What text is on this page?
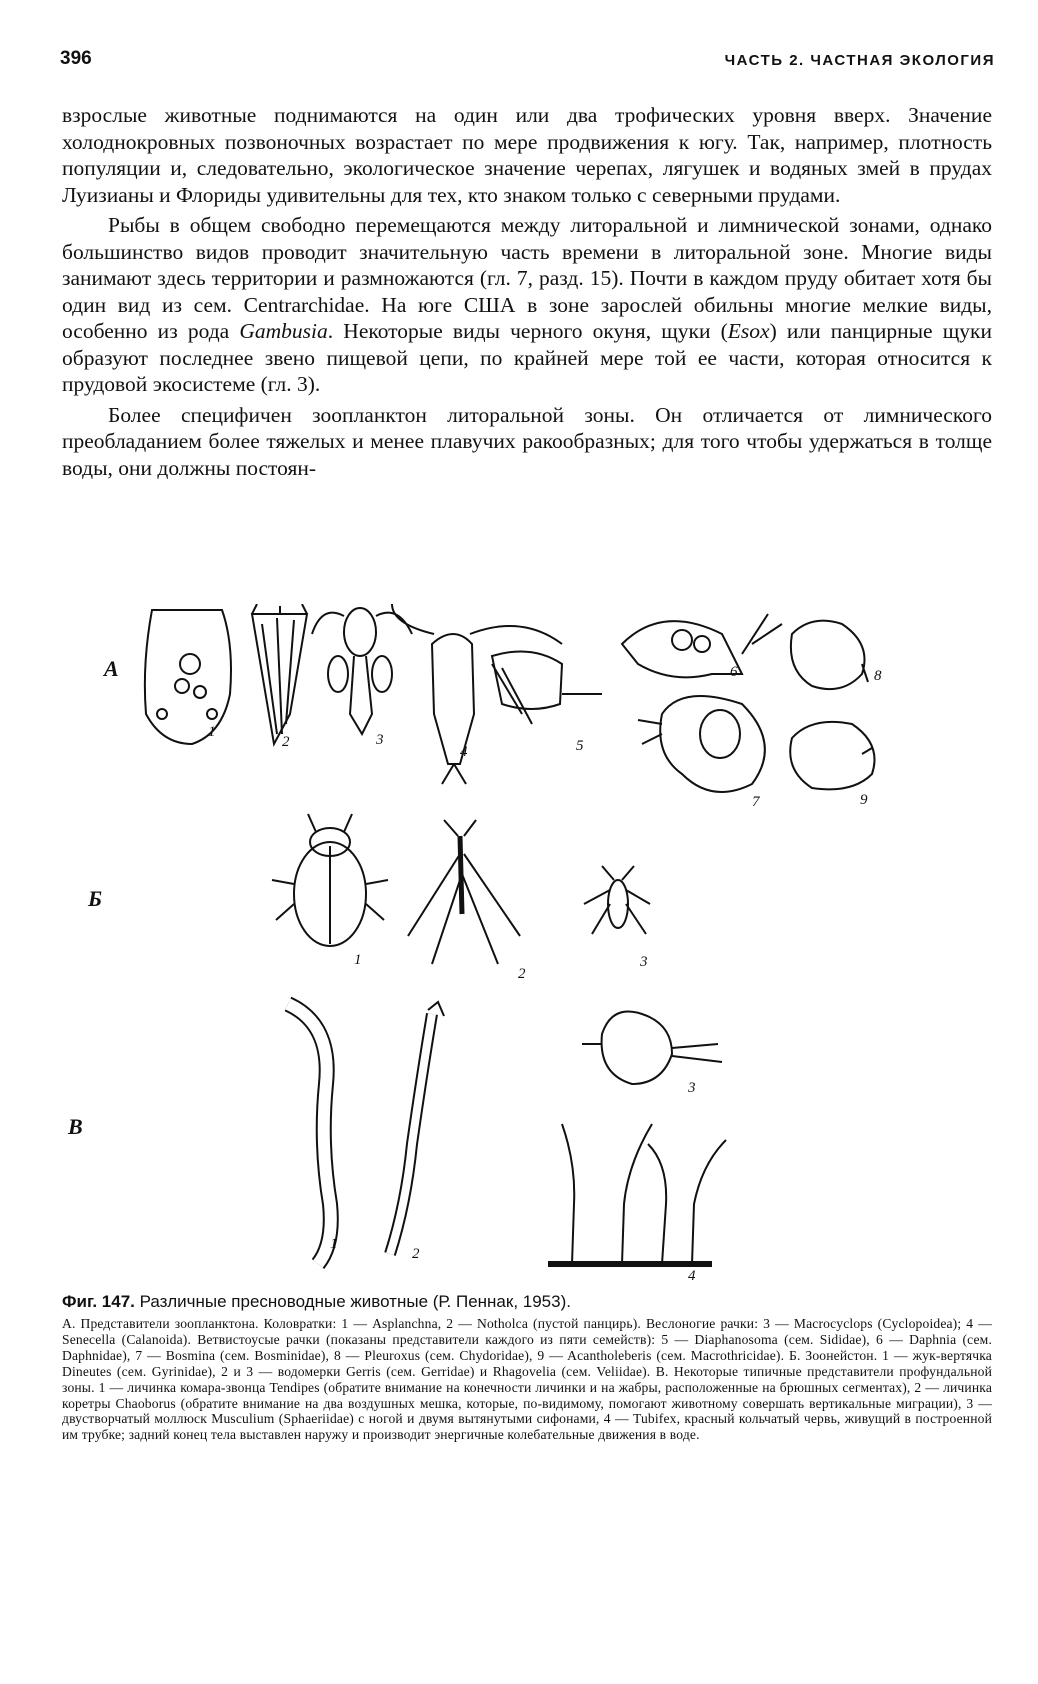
396	ЧАСТЬ 2. ЧАСТНАЯ ЭКОЛОГИЯ

взрослые животные поднимаются на один или два трофических уровня вверх. Значение холоднокровных позвоночных возрастает по мере продвижения к югу. Так, например, плотность популяции и, следовательно, экологическое значение черепах, лягушек и водяных змей в прудах Луизианы и Флориды удивительны для тех, кто знаком только с северными прудами.

Рыбы в общем свободно перемещаются между литоральной и лимнической зонами, однако большинство видов проводит значительную часть времени в литоральной зоне. Многие виды занимают здесь территории и размножаются (гл. 7, разд. 15). Почти в каждом пруду обитает хотя бы один вид из сем. Centrarchidae. На юге США в зоне зарослей обильны многие мелкие виды, особенно из рода Gambusia. Некоторые виды черного окуня, щуки (Esox) или панцирные щуки образуют последнее звено пищевой цепи, по крайней мере той ее части, которая относится к прудовой экосистеме (гл. 3).

Более специфичен зоопланктон литоральной зоны. Он отличается от лимнического преобладанием более тяжелых и менее плавучих ракообразных; для того чтобы удержаться в толще воды, они должны постоян-

А
Б
В
1
2	3
4	5
6
7
8
9
1
2
3
1
2
3
4
Фиг. 147. Различные пресноводные животные (Р. Пеннак, 1953).
А. Представители зоопланктона. Коловратки: 1 — Asplanchna, 2 — Notholca (пустой панцирь). Веслоногие рачки: 3 — Macrocyclops (Cyclopoidea); 4 — Senecella (Calanoida). Ветвистоусые рачки (показаны представители каждого из пяти семейств): 5 — Diaphanosoma (сем. Sididae), 6 — Daphnia (сем. Daphnidae), 7 — Bosmina (сем. Bosminidae), 8 — Pleuroxus (сем. Chydoridae), 9 — Acantholeberis (сем. Macrothricidae). Б. Зоонейстон. 1 — жук-вертячка Dineutes (сем. Gyrinidae), 2 и 3 — водомерки Gerris (сем. Gerridae) и Rhagovelia (сем. Veliidae). В. Некоторые типичные представители профундальной зоны. 1 — личинка комара-звонца Tendipes (обратите внимание на конечности личинки и на жабры, расположенные на брюшных сегментах), 2 — личинка коретры Chaoborus (обратите внимание на два воздушных мешка, которые, по-видимому, помогают животному совершать вертикальные миграции), 3 — двустворчатый моллюск Musculium (Sphaeriidae) с ногой и двумя вытянутыми сифонами, 4 — Tubifex, красный кольчатый червь, живущий в построенной им трубке; задний конец тела выставлен наружу и производит энергичные колебательные движения в воде.
